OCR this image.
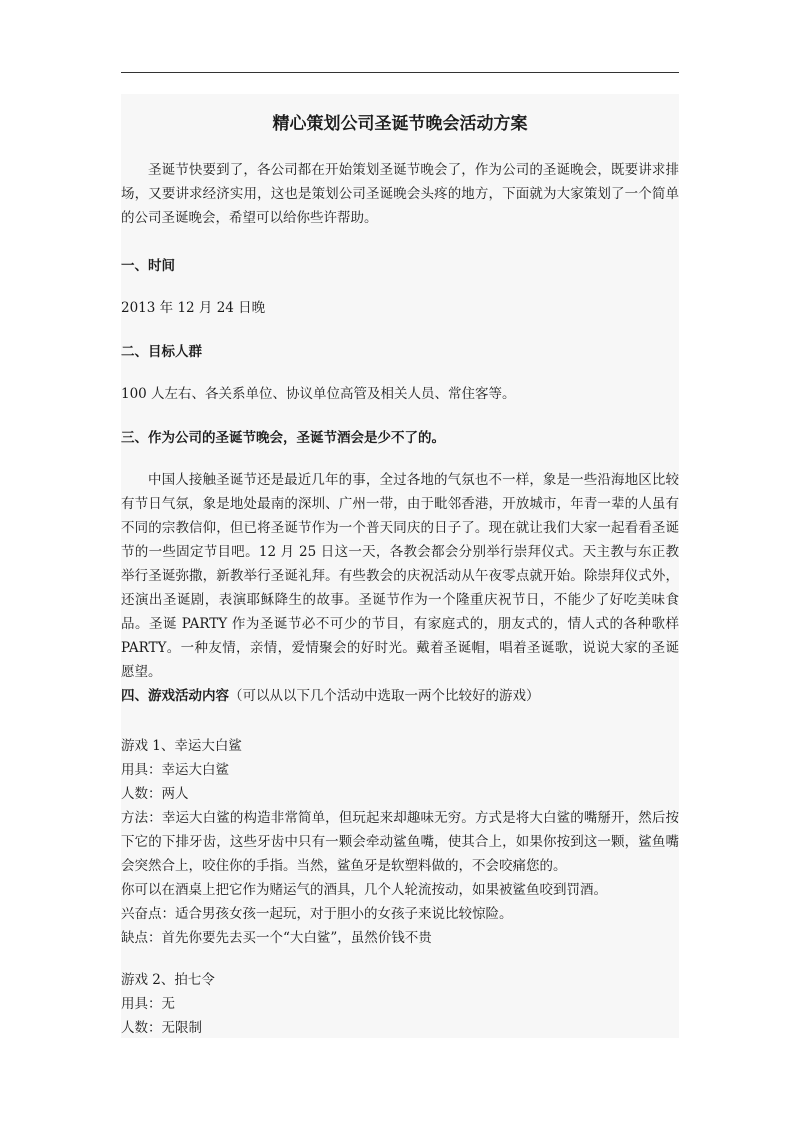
精心策划公司圣诞节晚会活动方案

圣诞节快要到了，各公司都在开始策划圣诞节晚会了，作为公司的圣诞晚会，既要讲求排场，又要讲求经济实用，这也是策划公司圣诞晚会头疼的地方，下面就为大家策划了一个简单的公司圣诞晚会，希望可以给你些许帮助。

一、时间
2013 年 12 月 24 日晚
二、目标人群
100 人左右、各关系单位、协议单位高管及相关人员、常住客等。
三、作为公司的圣诞节晚会，圣诞节酒会是少不了的。

中国人接触圣诞节还是最近几年的事，全过各地的气氛也不一样，象是一些沿海地区比较有节日气氛，象是地处最南的深圳、广州一带，由于毗邻香港，开放城市，年青一辈的人虽有不同的宗教信仰，但已将圣诞节作为一个普天同庆的日子了。现在就让我们大家一起看看圣诞节的一些固定节目吧。12 月 25 日这一天，各教会都会分别举行崇拜仪式。天主教与东正教举行圣诞弥撒，新教举行圣诞礼拜。有些教会的庆祝活动从午夜零点就开始。除崇拜仪式外，还演出圣诞剧，表演耶稣降生的故事。圣诞节作为一个隆重庆祝节日，不能少了好吃美味食品。圣诞 PARTY 作为圣诞节必不可少的节目，有家庭式的，朋友式的，情人式的各种歌样 PARTY。一种友情，亲情，爱情聚会的好时光。戴着圣诞帽，唱着圣诞歌，说说大家的圣诞愿望。

四、游戏活动内容（可以从以下几个活动中选取一两个比较好的游戏）
游戏 1、幸运大白鲨
用具：幸运大白鲨
人数：两人
方法：幸运大白鲨的构造非常简单，但玩起来却趣味无穷。方式是将大白鲨的嘴掰开，然后按下它的下排牙齿，这些牙齿中只有一颗会牵动鲨鱼嘴，使其合上，如果你按到这一颗，鲨鱼嘴会突然合上，咬住你的手指。当然，鲨鱼牙是软塑料做的，不会咬痛您的。
你可以在酒桌上把它作为赌运气的酒具，几个人轮流按动，如果被鲨鱼咬到罚酒。
兴奋点：适合男孩女孩一起玩，对于胆小的女孩子来说比较惊险。
缺点：首先你要先去买一个“大白鲨”，虽然价钱不贵
游戏 2、拍七令
用具：无
人数：无限制
